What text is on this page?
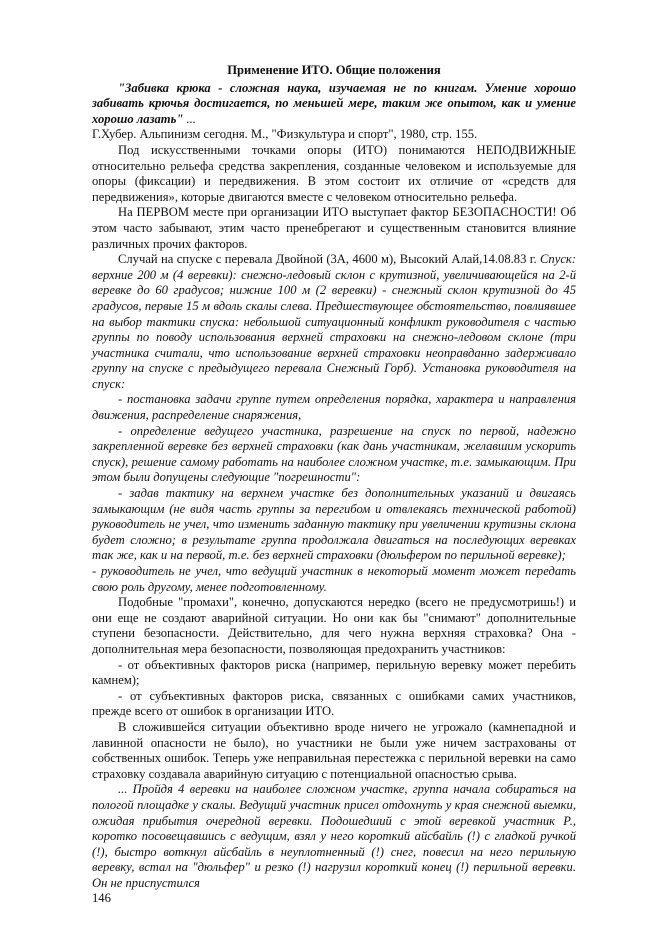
Применение ИТО. Общие положения

"Забивка крюка - сложная наука, изучаемая не по книгам. Умение хорошо забивать крючья достигается, по меньшей мере, таким же опытом, как и умение хорошо лазать" ...

Г.Хубер. Альпинизм сегодня. М., "Физкультура и спорт", 1980, стр. 155.

Под искусственными точками опоры (ИТО) понимаются НЕПОДВИЖНЫЕ относительно рельефа средства закрепления, созданные человеком и используемые для опоры (фиксации) и передвижения. В этом состоит их отличие от «средств для передвижения», которые двигаются вместе с человеком относительно рельефа.

На ПЕРВОМ месте при организации ИТО выступает фактор БЕЗОПАСНОСТИ! Об этом часто забывают, этим часто пренебрегают и существенным становится влияние различных прочих факторов.

Случай на спуске с перевала Двойной (3А, 4600 м), Высокий Алай,14.08.83 г. Спуск: верхние 200 м (4 веревки): снежно-ледовый склон с крутизной, увеличивающейся на 2-й веревке до 60 градусов; нижние 100 м (2 веревки) - снежный склон крутизной до 45 градусов, первые 15 м вдоль скалы слева. Предшествующее обстоятельство, повлиявшее на выбор тактики спуска: небольшой ситуационный конфликт руководителя с частью группы по поводу использования верхней страховки на снежно-ледовом склоне (три участника считали, что использование верхней страховки неоправданно задерживало группу на спуске с предыдущего перевала Снежный Горб). Установка руководителя на спуск:

- постановка задачи группе путем определения порядка, характера и направления движения, распределение снаряжения,

- определение ведущего участника, разрешение на спуск по первой, надежно закрепленной веревке без верхней страховки (как дань участникам, желавшим ускорить спуск), решение самому работать на наиболее сложном участке, т.е. замыкающим. При этом были допущены следующие "погрешности":

- задав тактику на верхнем участке без дополнительных указаний и двигаясь замыкающим (не видя часть группы за перегибом и отвлекаясь технической работой) руководитель не учел, что изменить заданную тактику при увеличении крутизны склона будет сложно; в результате группа продолжала двигаться на последующих веревках так же, как и на первой, т.е. без верхней страховки (дюльфером по перильной веревке);

- руководитель не учел, что ведущий участник в некоторый момент может передать свою роль другому, менее подготовленному.

Подобные "промахи", конечно, допускаются нередко (всего не предусмотришь!) и они еще не создают аварийной ситуации. Но они как бы "снимают" дополнительные ступени безопасности. Действительно, для чего нужна верхняя страховка? Она - дополнительная мера безопасности, позволяющая предохранить участников:

- от объективных факторов риска (например, перильную веревку может перебить камнем);

- от субъективных факторов риска, связанных с ошибками самих участников, прежде всего от ошибок в организации ИТО.

В сложившейся ситуации объективно вроде ничего не угрожало (камнепадной и лавинной опасности не было), но участники не были уже ничем застрахованы от собственных ошибок. Теперь уже неправильная перестежка с перильной веревки на само страховку создавала аварийную ситуацию с потенциальной опасностью срыва.

... Пройдя 4 веревки на наиболее сложном участке, группа начала собираться на пологой площадке у скалы. Ведущий участник присел отдохнуть у края снежной выемки, ожидая прибытия очередной веревки. Подошедший с этой веревкой участник Р., коротко посовещавшись с ведущим, взял у него короткий айсбайль (!) с гладкой ручкой (!), быстро воткнул айсбайль в неуплотненный (!) снег, повесил на него перильную веревку, встал на "дюльфер" и резко (!) нагрузил короткий конец (!) перильной веревки. Он не приспустился

146
